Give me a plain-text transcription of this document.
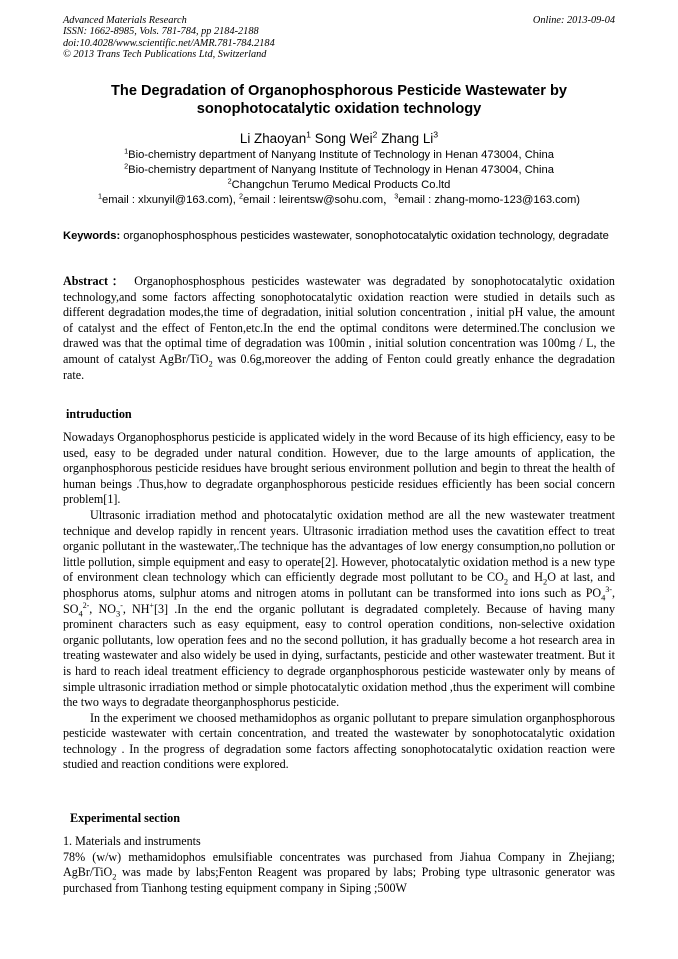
Advanced Materials Research
ISSN: 1662-8985, Vols. 781-784, pp 2184-2188
doi:10.4028/www.scientific.net/AMR.781-784.2184
© 2013 Trans Tech Publications Ltd, Switzerland
Online: 2013-09-04
The Degradation of Organophosphorous Pesticide Wastewater by
sonophotocatalytic oxidation technology
Li Zhaoyan$^1$ Song Wei$^2$ Zhang Li$^3$
$^1$Bio-chemistry department of Nanyang Institute of Technology in Henan 473004, China
$^2$Bio-chemistry department of Nanyang Institute of Technology in Henan 473004, China
$^2$Changchun Terumo Medical Products Co.ltd
$^1$email : xlxunyil@163.com), $^2$email : leirentsw@sohu.com，$^3$email : zhang-momo-123@163.com)
Keywords: organophosphosphous pesticides wastewater, sonophotocatalytic oxidation technology, degradate

Abstract： Organophosphosphous pesticides wastewater was degradated by sonophotocatalytic oxidation technology,and some factors affecting sonophotocatalytic oxidation reaction were studied in details such as different degradation modes,the time of degradation, initial solution concentration , initial pH value, the amount of catalyst and the effect of Fenton,etc.In the end the optimal conditons were determined.The conclusion we drawed was that the optimal time of degradation was 100min , initial solution concentration was 100mg / L, the amount of catalyst AgBr/TiO$_2$ was 0.6g,moreover the adding of Fenton could greatly enhance the degradation rate.

intruduction

Nowadays Organophosphorus pesticide is applicated widely in the word Because of its high efficiency, easy to be used, easy to be degraded under natural condition. However, due to the large amounts of application, the organphosphorous pesticide residues have brought serious environment pollution and begin to threat the health of human beings .Thus,how to degradate organphosphorous pesticide residues efficiently has been social concern problem[1].

Ultrasonic irradiation method and photocatalytic oxidation method are all the new wastewater treatment technique and develop rapidly in rencent years. Ultrasonic irradiation method uses the cavatition effect to treat organic pollutant in the wastewater,.The technique has the advantages of low energy consumption,no pollution or little pollution, simple equipment and easy to operate[2]. However, photocatalytic oxidation method is a new type of environment clean technology which can efficiently degrade most pollutant to be $CO_2$ and $H_2O$ at last, and phosphorus atoms, sulphur atoms and nitrogen atoms in pollutant can be transformed into ions such as $PO_4^{3-}$, $SO_4^{2-}$, $NO_3^-$, NH+[3] .In the end the organic pollutant is degradated completely. Because of having many prominent characters such as easy equipment, easy to control operation conditions, non-selective oxidation organic pollutants, low operation fees and no the second pollution, it has gradually become a hot research area in treating wastewater and also widely be used in dying, surfactants, pesticide and other wastewater treatment. But it is hard to reach ideal treatment efficiency to degrade organphosphorous pesticide wastewater only by means of simple ultrasonic irradiation method or simple photocatalytic oxidation method ,thus the experiment will combine the two ways to degradate theorganphosphorus pesticide.

In the experiment we choosed methamidophos as organic pollutant to prepare simulation organphosphorous pesticide wastewater with certain concentration, and treated the wastewater by sonophotocatalytic oxidation technology . In the progress of degradation some factors affecting sonophotocatalytic oxidation reaction were studied and reaction conditions were explored.

Experimental section

1. Materials and instruments

78% (w/w) methamidophos emulsifiable concentrates was purchased from Jiahua Company in Zhejiang; AgBr/TiO$_2$ was made by labs;Fenton Reagent was propared by labs; Probing type ultrasonic generator was purchased from Tianhong testing equipment company in Siping ;500W
